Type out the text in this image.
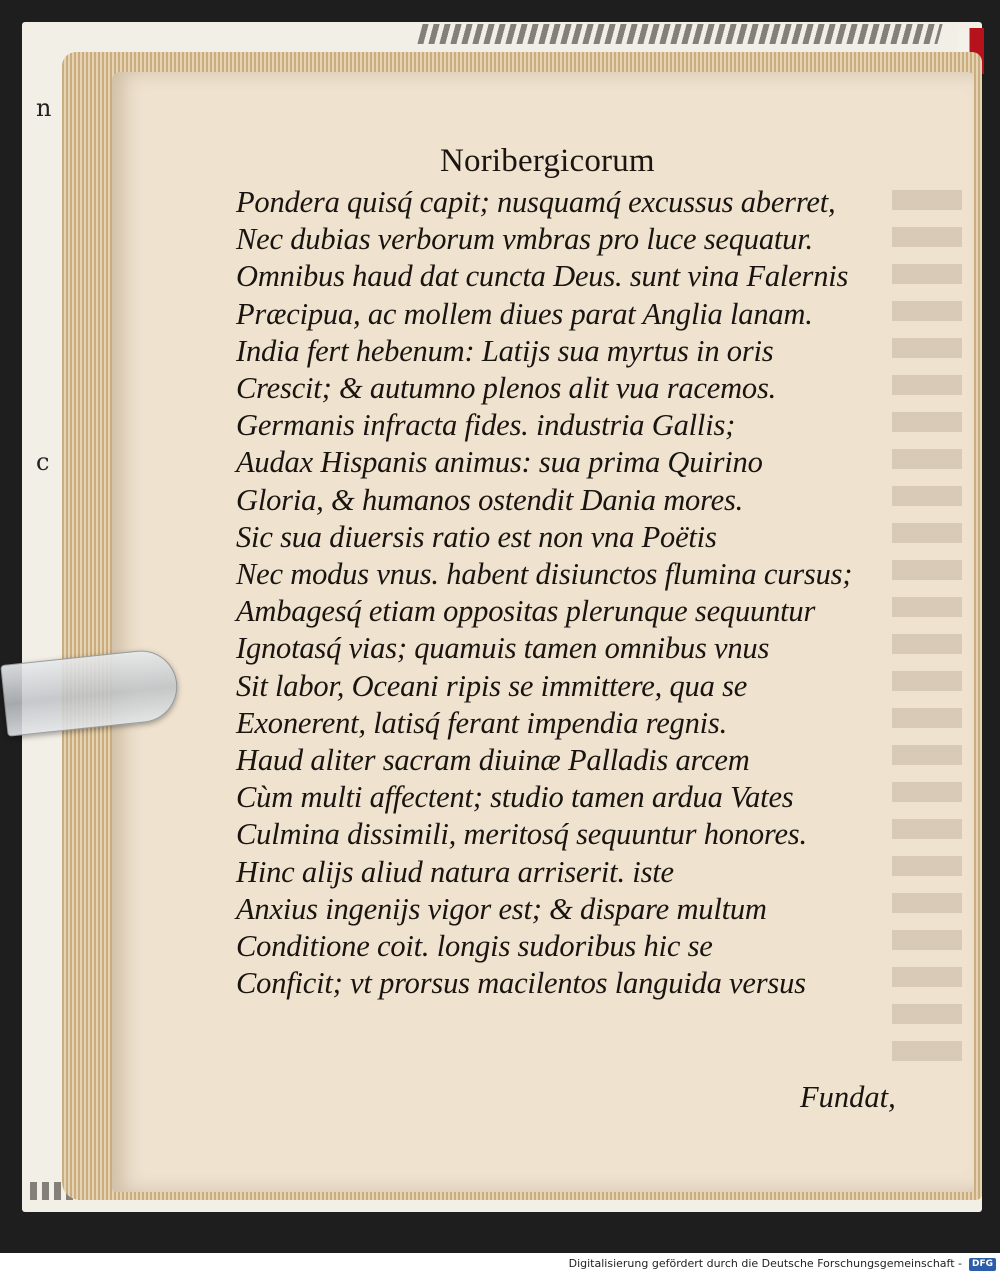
n
c
Noribergicorum
Pondera quisq́ capit; nusquamq́ excussus aberret,
Nec dubias verborum vmbras pro luce sequatur.
Omnibus haud dat cuncta Deus. sunt vina Falernis
Præcipua, ac mollem diues parat Anglia lanam.
India fert hebenum: Latijs sua myrtus in oris
Crescit; & autumno plenos alit vua racemos.
Germanis infracta fides. industria Gallis;
Audax Hispanis animus: sua prima Quirino
Gloria, & humanos ostendit Dania mores.
Sic sua diuersis ratio est non vna Poëtis
Nec modus vnus. habent disiunctos flumina cursus;
Ambagesq́ etiam oppositas plerunque sequuntur
Ignotasq́ vias; quamuis tamen omnibus vnus
Sit labor, Oceani ripis se immittere, qua se
Exonerent, latisq́ ferant impendia regnis.
Haud aliter sacram diuinæ Palladis arcem
Cùm multi affectent; studio tamen ardua Vates
Culmina dissimili, meritosq́ sequuntur honores.
Hinc alijs aliud natura arriserit. iste
Anxius ingenijs vigor est; & dispare multum
Conditione coit. longis sudoribus hic se
Conficit; vt prorsus macilentos languida versus
Fundat,
Digitalisierung gefördert durch die Deutsche Forschungsgemeinschaft -	DFG
